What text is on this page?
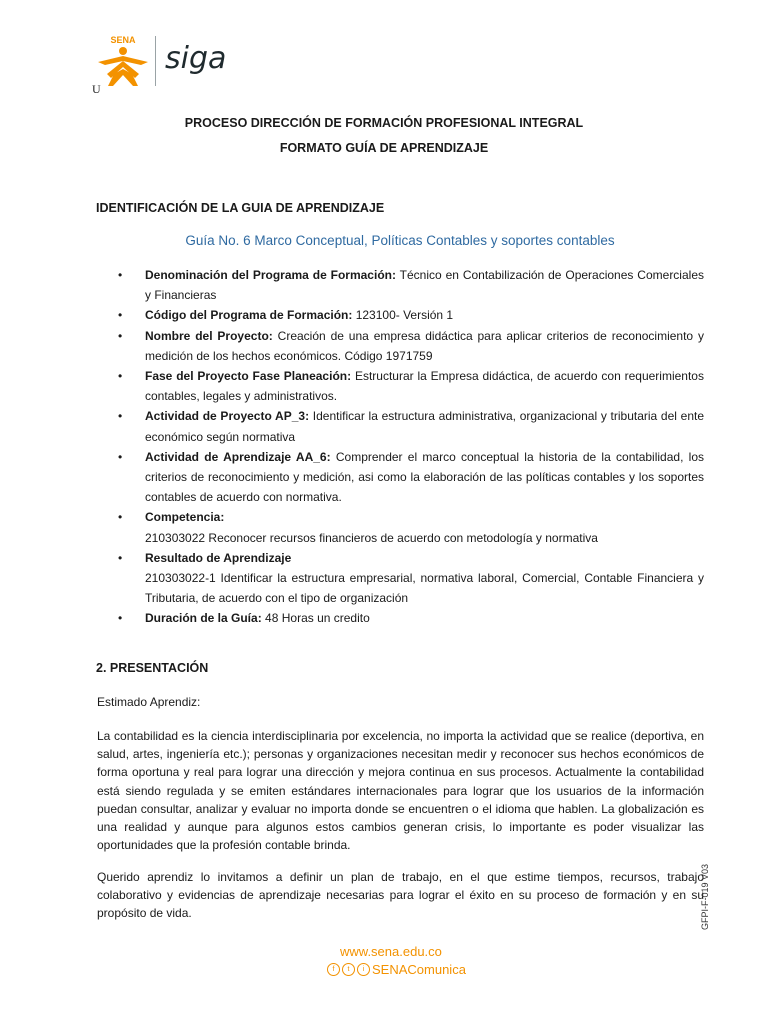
SENA
siga
U
PROCESO DIRECCIÓN DE FORMACIÓN PROFESIONAL INTEGRAL
FORMATO GUÍA DE APRENDIZAJE
IDENTIFICACIÓN DE LA GUIA DE APRENDIZAJE
Guía No. 6 Marco Conceptual, Políticas Contables y soportes contables
• Denominación del Programa de Formación: Técnico en Contabilización de Operaciones Comerciales y Financieras
• Código del Programa de Formación: 123100- Versión 1
• Nombre del Proyecto: Creación de una empresa didáctica para aplicar criterios de reconocimiento y medición de los hechos económicos. Código 1971759
• Fase del Proyecto Fase Planeación: Estructurar la Empresa didáctica, de acuerdo con requerimientos contables, legales y administrativos.
• Actividad de Proyecto AP_3: Identificar la estructura administrativa, organizacional y tributaria del ente económico según normativa
• Actividad de Aprendizaje AA_6: Comprender el marco conceptual la historia de la contabilidad, los criterios de reconocimiento y medición, asi como la elaboración de las políticas contables y los soportes contables de acuerdo con normativa.
• Competencia:
210303022 Reconocer recursos financieros de acuerdo con metodología y normativa
• Resultado de Aprendizaje
210303022-1 Identificar la estructura empresarial, normativa laboral, Comercial, Contable Financiera y Tributaria, de acuerdo con el tipo de organización
• Duración de la Guía: 48 Horas un credito
2. PRESENTACIÓN
Estimado Aprendiz:
La contabilidad es la ciencia interdisciplinaria por excelencia, no importa la actividad que se realice (deportiva, en salud, artes, ingeniería etc.); personas y organizaciones necesitan medir y reconocer sus hechos económicos de forma oportuna y real para lograr una dirección y mejora continua en sus procesos. Actualmente la contabilidad está siendo regulada y se emiten estándares internacionales para lograr que los usuarios de la información puedan consultar, analizar y evaluar no importa donde se encuentren o el idioma que hablen. La globalización es una realidad y aunque para algunos estos cambios generan crisis, lo importante es poder visualizar las oportunidades que la profesión contable brinda.
Querido aprendiz lo invitamos a definir un plan de trabajo, en el que estime tiempos, recursos, trabajo colaborativo y evidencias de aprendizaje necesarias para lograr el éxito en su proceso de formación y en su propósito de vida.
www.sena.edu.co
f	t	i SENAComunica
GFPI-F-019 V03
